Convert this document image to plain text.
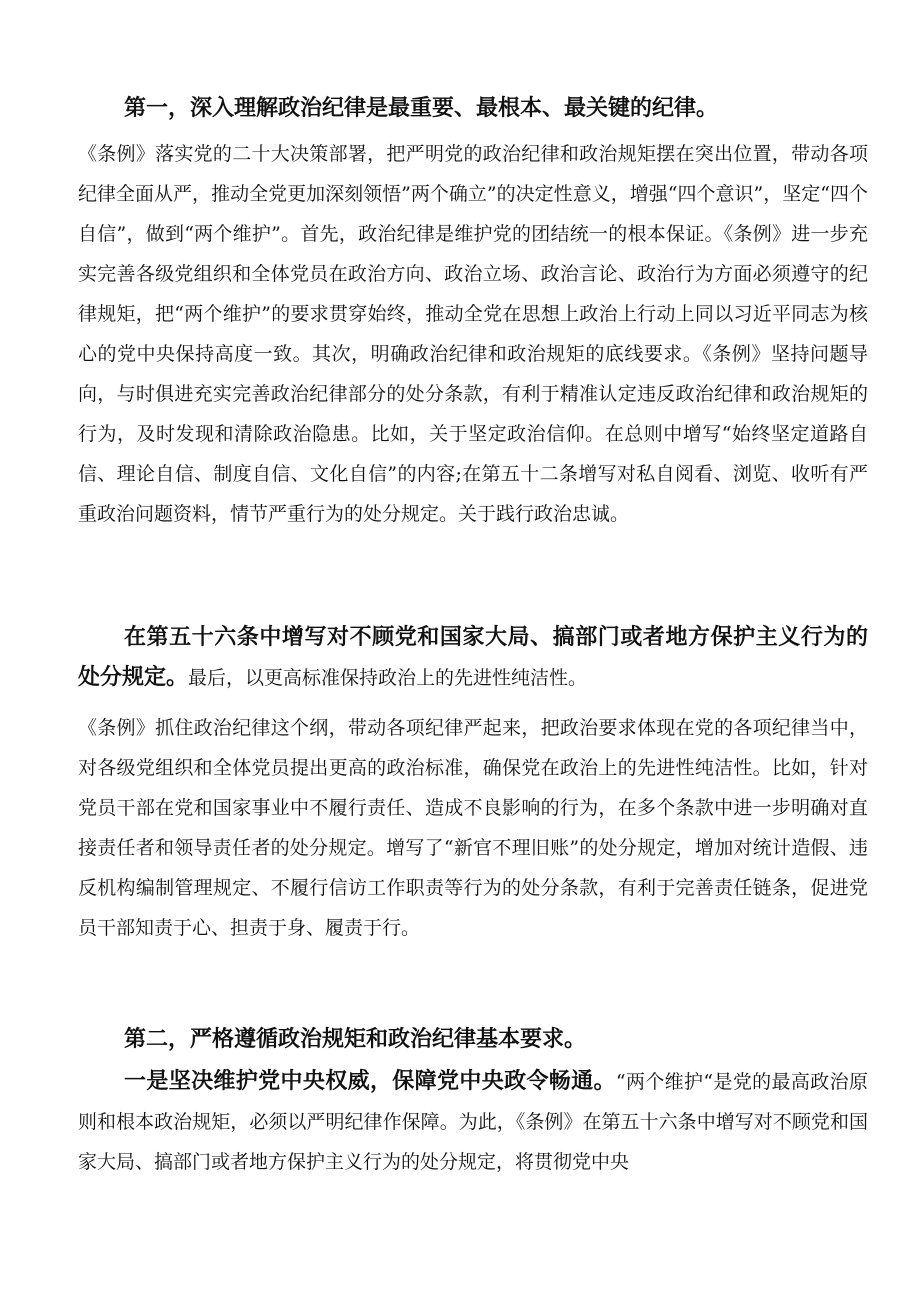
第一，深入理解政治纪律是最重要、最根本、最关键的纪律。

《条例》落实党的二十大决策部署，把严明党的政治纪律和政治规矩摆在突出位置，带动各项纪律全面从严，推动全党更加深刻领悟”两个确立”的决定性意义，增强“四个意识”，坚定“四个自信”，做到“两个维护”。首先，政治纪律是维护党的团结统一的根本保证。《条例》进一步充实完善各级党组织和全体党员在政治方向、政治立场、政治言论、政治行为方面必须遵守的纪律规矩，把“两个维护”的要求贯穿始终，推动全党在思想上政治上行动上同以习近平同志为核心的党中央保持高度一致。其次，明确政治纪律和政治规矩的底线要求。《条例》坚持问题导向，与时俱进充实完善政治纪律部分的处分条款，有利于精准认定违反政治纪律和政治规矩的行为，及时发现和清除政治隐患。比如，关于坚定政治信仰。在总则中增写“始终坚定道路自信、理论自信、制度自信、文化自信”的内容;在第五十二条增写对私自阅看、浏览、收听有严重政治问题资料，情节严重行为的处分规定。关于践行政治忠诚。

在第五十六条中增写对不顾党和国家大局、搞部门或者地方保护主义行为的处分规定。最后，以更高标准保持政治上的先进性纯洁性。

《条例》抓住政治纪律这个纲，带动各项纪律严起来，把政治要求体现在党的各项纪律当中，对各级党组织和全体党员提出更高的政治标准，确保党在政治上的先进性纯洁性。比如，针对党员干部在党和国家事业中不履行责任、造成不良影响的行为，在多个条款中进一步明确对直接责任者和领导责任者的处分规定。增写了“新官不理旧账”的处分规定，增加对统计造假、违反机构编制管理规定、不履行信访工作职责等行为的处分条款，有利于完善责任链条，促进党员干部知责于心、担责于身、履责于行。

第二，严格遵循政治规矩和政治纪律基本要求。

一是坚决维护党中央权威，保障党中央政令畅通。“两个维护“是党的最高政治原则和根本政治规矩，必须以严明纪律作保障。为此，《条例》在第五十六条中增写对不顾党和国家大局、搞部门或者地方保护主义行为的处分规定，将贯彻党中央
